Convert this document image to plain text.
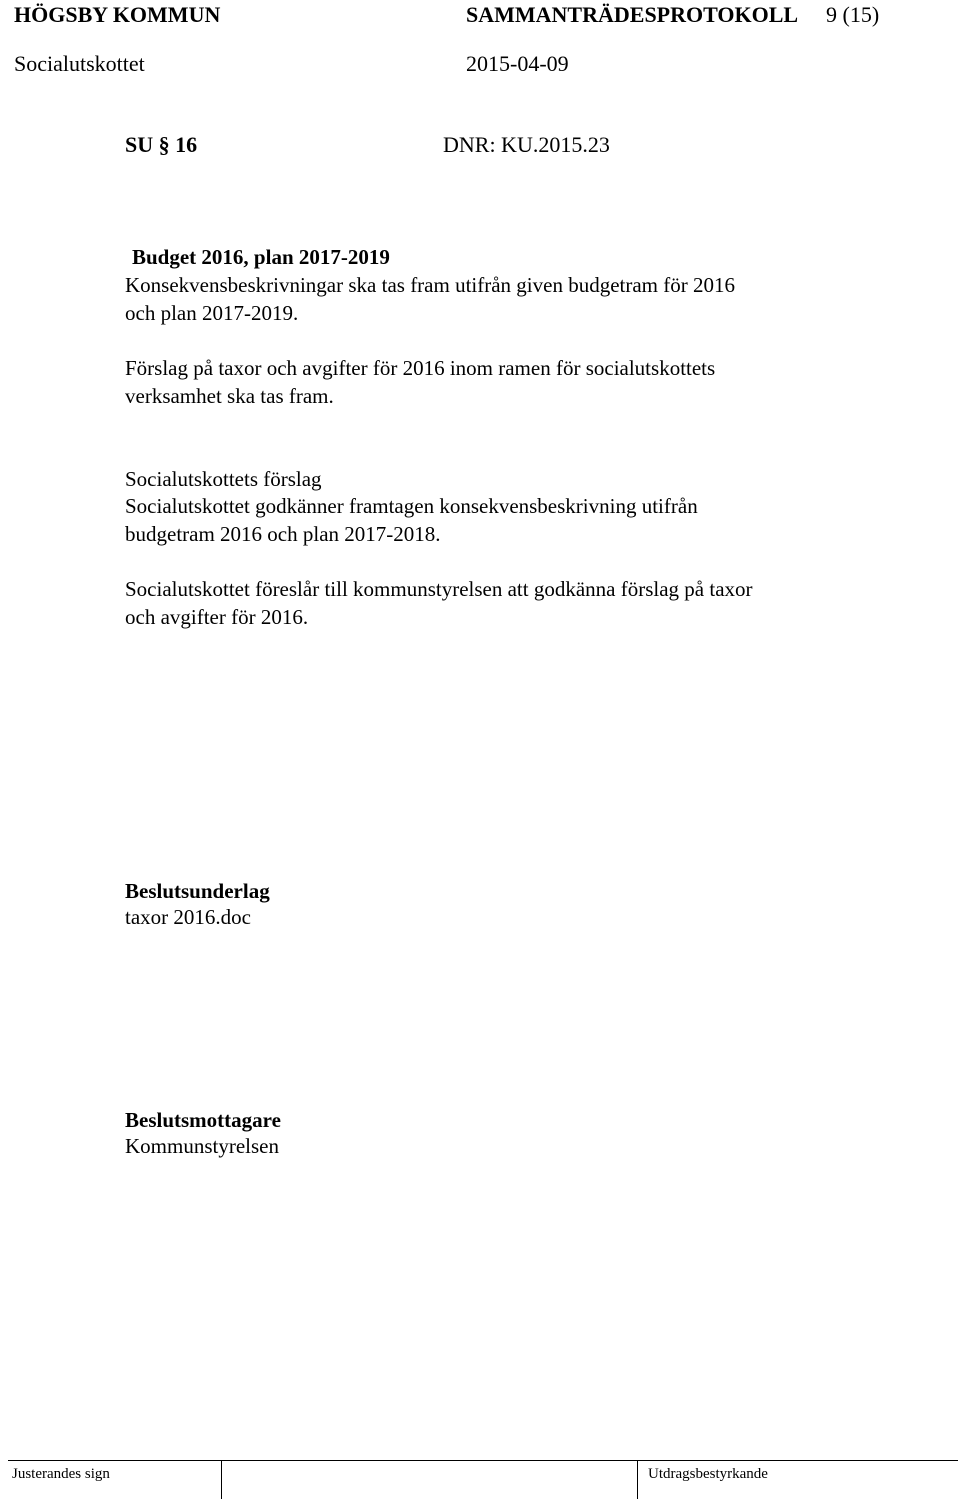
HÖGSBY KOMMUN	SAMMANTRÄDESPROTOKOLL 9 (15)
Socialutskottet	2015-04-09
SU § 16	DNR: KU.2015.23
Budget 2016, plan 2017-2019
Konsekvensbeskrivningar ska tas fram utifrån given budgetram för 2016
och plan 2017-2019.
Förslag på taxor och avgifter för 2016 inom ramen för socialutskottets
verksamhet ska tas fram.
Socialutskottets förslag
Socialutskottet godkänner framtagen konsekvensbeskrivning utifrån
budgetram 2016 och plan 2017-2018.
Socialutskottet föreslår till kommunstyrelsen att godkänna förslag på taxor
och avgifter för 2016.
Beslutsunderlag
taxor 2016.doc
Beslutsmottagare
Kommunstyrelsen
Justerandes sign	Utdragsbestyrkande
